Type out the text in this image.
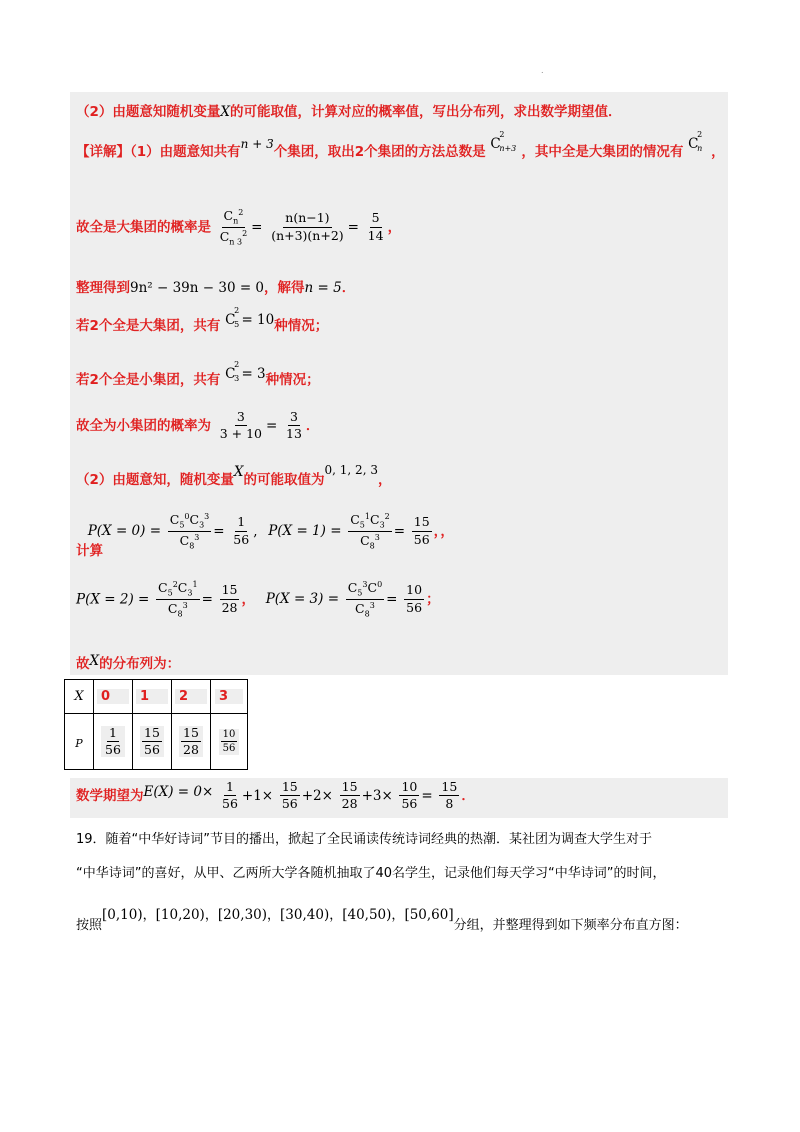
.
（2）由题意知随机变量X的可能取值，计算对应的概率值，写出分布列，求出数学期望值．
【详解】（1）由题意知共有n + 3个集团，取出2个集团的方法总数是 C
2
n+3 ，其中全是大集团的情况有 C
2
n ，
故全是大集团的概率是 $\frac{C_n^2}{C_{n 3}^2} = \frac{n(n-1)}{(n+3)(n+2)} = \frac{5}{14}$ ，
整理得到9n² − 39n − 30 = 0，解得n = 5．
若2个全是大集团，共有 C
2
5 = 10种情况；
若2个全是小集团，共有 C
2
3 = 3种情况；
故全为小集团的概率为 $\frac{3}{3 + 10} = \frac{3}{13}$ ．
（2）由题意知，随机变量X的可能取值为0, 1, 2, 3，
计算 $P(X = 0) = \frac{C_5^0C_3^3}{C_8^3} = \frac{1}{56}$ , $P(X = 1) = \frac{C_5^1C_3^2}{C_8^3} = \frac{15}{56}$ ，，
$P(X = 2) = \frac{C_5^2C_3^1}{C_8^3} = \frac{15}{28}$ ， $P(X = 3) = \frac{C_5^3C^0}{C_8^3} = \frac{10}{56}$ ；
故X的分布列为：
X	0	1	2	3
P	$\frac{1}{56}$	$\frac{15}{56}$	$\frac{15}{28}$	$\frac{10}{56}$
数学期望为$E(X) = 0\times \frac{1}{56} +1\times \frac{15}{56} +2\times \frac{15}{28} +3\times \frac{10}{56} = \frac{15}{8}$ ．
19．随着“中华好诗词”节目的播出，掀起了全民诵读传统诗词经典的热潮．某社团为调查大学生对于
“中华诗词”的喜好，从甲、乙两所大学各随机抽取了40名学生，记录他们每天学习“中华诗词”的时间，
按照[0,10)，[10,20)，[20,30)，[30,40)，[40,50)，[50,60]分组，并整理得到如下频率分布直方图：
